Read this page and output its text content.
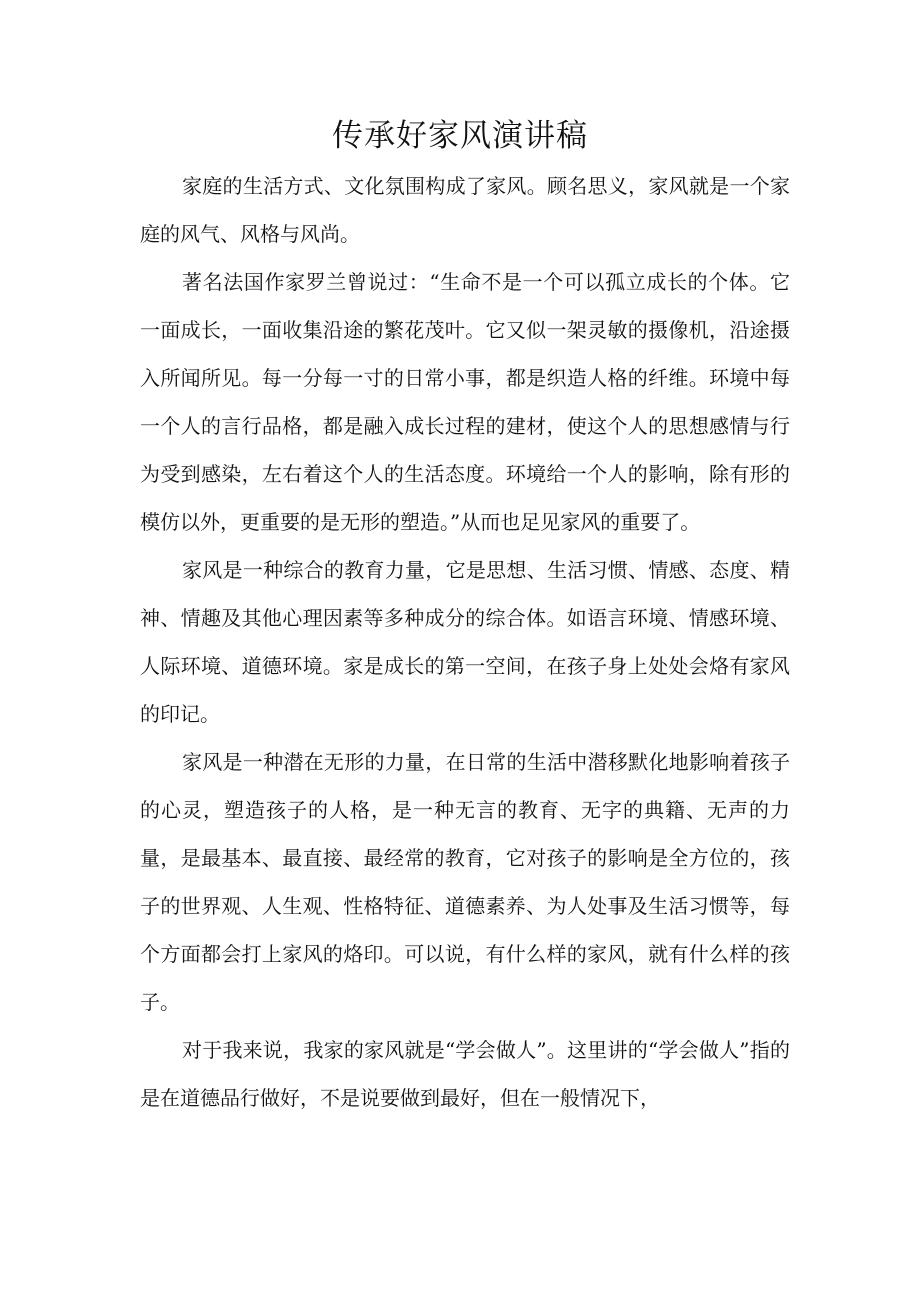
传承好家风演讲稿

家庭的生活方式、文化氛围构成了家风。顾名思义，家风就是一个家庭的风气、风格与风尚。

著名法国作家罗兰曾说过：“生命不是一个可以孤立成长的个体。它一面成长，一面收集沿途的繁花茂叶。它又似一架灵敏的摄像机，沿途摄入所闻所见。每一分每一寸的日常小事，都是织造人格的纤维。环境中每一个人的言行品格，都是融入成长过程的建材，使这个人的思想感情与行为受到感染，左右着这个人的生活态度。环境给一个人的影响，除有形的模仿以外，更重要的是无形的塑造。”从而也足见家风的重要了。

家风是一种综合的教育力量，它是思想、生活习惯、情感、态度、精神、情趣及其他心理因素等多种成分的综合体。如语言环境、情感环境、人际环境、道德环境。家是成长的第一空间，在孩子身上处处会烙有家风的印记。

家风是一种潜在无形的力量，在日常的生活中潜移默化地影响着孩子的心灵，塑造孩子的人格，是一种无言的教育、无字的典籍、无声的力量，是最基本、最直接、最经常的教育，它对孩子的影响是全方位的，孩子的世界观、人生观、性格特征、道德素养、为人处事及生活习惯等，每个方面都会打上家风的烙印。可以说，有什么样的家风，就有什么样的孩子。

对于我来说，我家的家风就是“学会做人”。这里讲的“学会做人”指的是在道德品行做好，不是说要做到最好，但在一般情况下，
